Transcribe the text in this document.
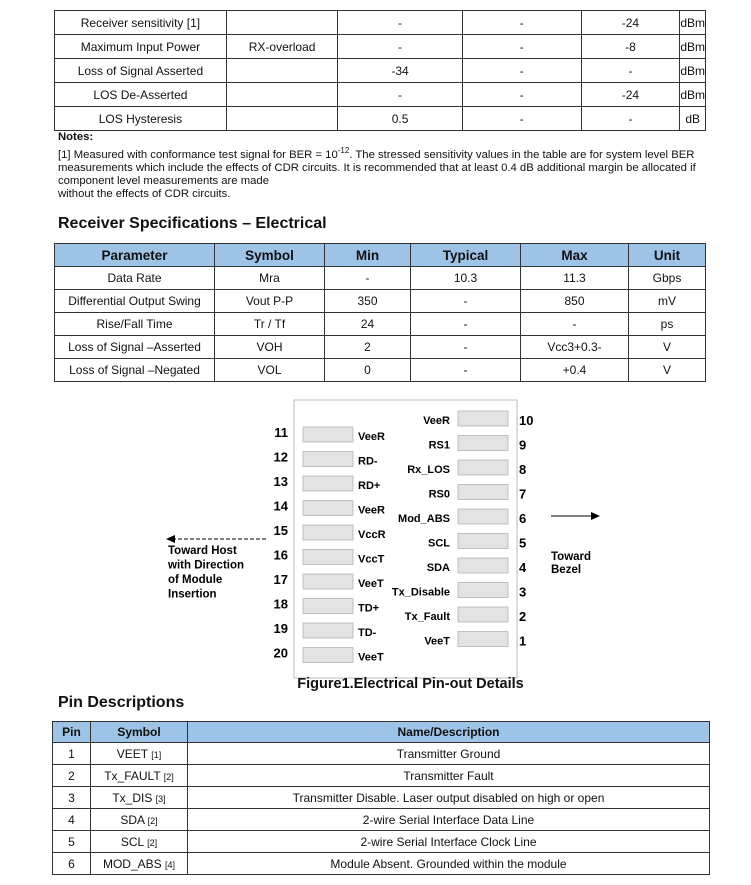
Receiver sensitivity [1]		-	-	-24	dBm
Maximum Input Power	RX-overload	-	-	-8	dBm
Loss of Signal Asserted		-34	-	-	dBm
LOS De-Asserted		-	-	-24	dBm
LOS Hysteresis		0.5	-	-	dB
Notes:
[1] Measured with conformance test signal for BER = $10^{-12}$. The stressed sensitivity values in the table are for system level BER measurements which include the effects of CDR circuits. It is recommended that at least 0.4 dB additional margin be allocated if component level measurements are made
without the effects of CDR circuits.
Receiver Specifications – Electrical
Parameter	Symbol	Min	Typical	Max	Unit
Data Rate	Mra	-	10.3	11.3	Gbps
Differential Output Swing	Vout P-P	350	-	850	mV
Rise/Fall Time	Tr / Tf	24	-	-	ps
Loss of Signal –Asserted	VOH	2	-	Vcc3+0.3-	V
Loss of Signal –Negated	VOL	0	-	+0.4	V
11	VeeR
12	RD-
13	RD+
14	VeeR
15	VccR
16	VccT
17	VeeT
18	TD+
19	TD-
20	VeeT
10
VeeR
9
RS1
8
Rx_LOS
7
RS0
6
Mod_ABS
5
SCL
4
SDA
3
Tx_Disable
2
Tx_Fault
1
VeeT
Toward Host
with Direction
of Module
Insertion
Toward
Bezel
Figure1.Electrical Pin-out Details
Pin Descriptions
Pin	Symbol	Name/Description
1	VEET [1]	Transmitter Ground
2	Tx_FAULT [2]	Transmitter Fault
3	Tx_DIS [3]	Transmitter Disable. Laser output disabled on high or open
4	SDA [2]	2-wire Serial Interface Data Line
5	SCL [2]	2-wire Serial Interface Clock Line
6	MOD_ABS [4]	Module Absent. Grounded within the module
